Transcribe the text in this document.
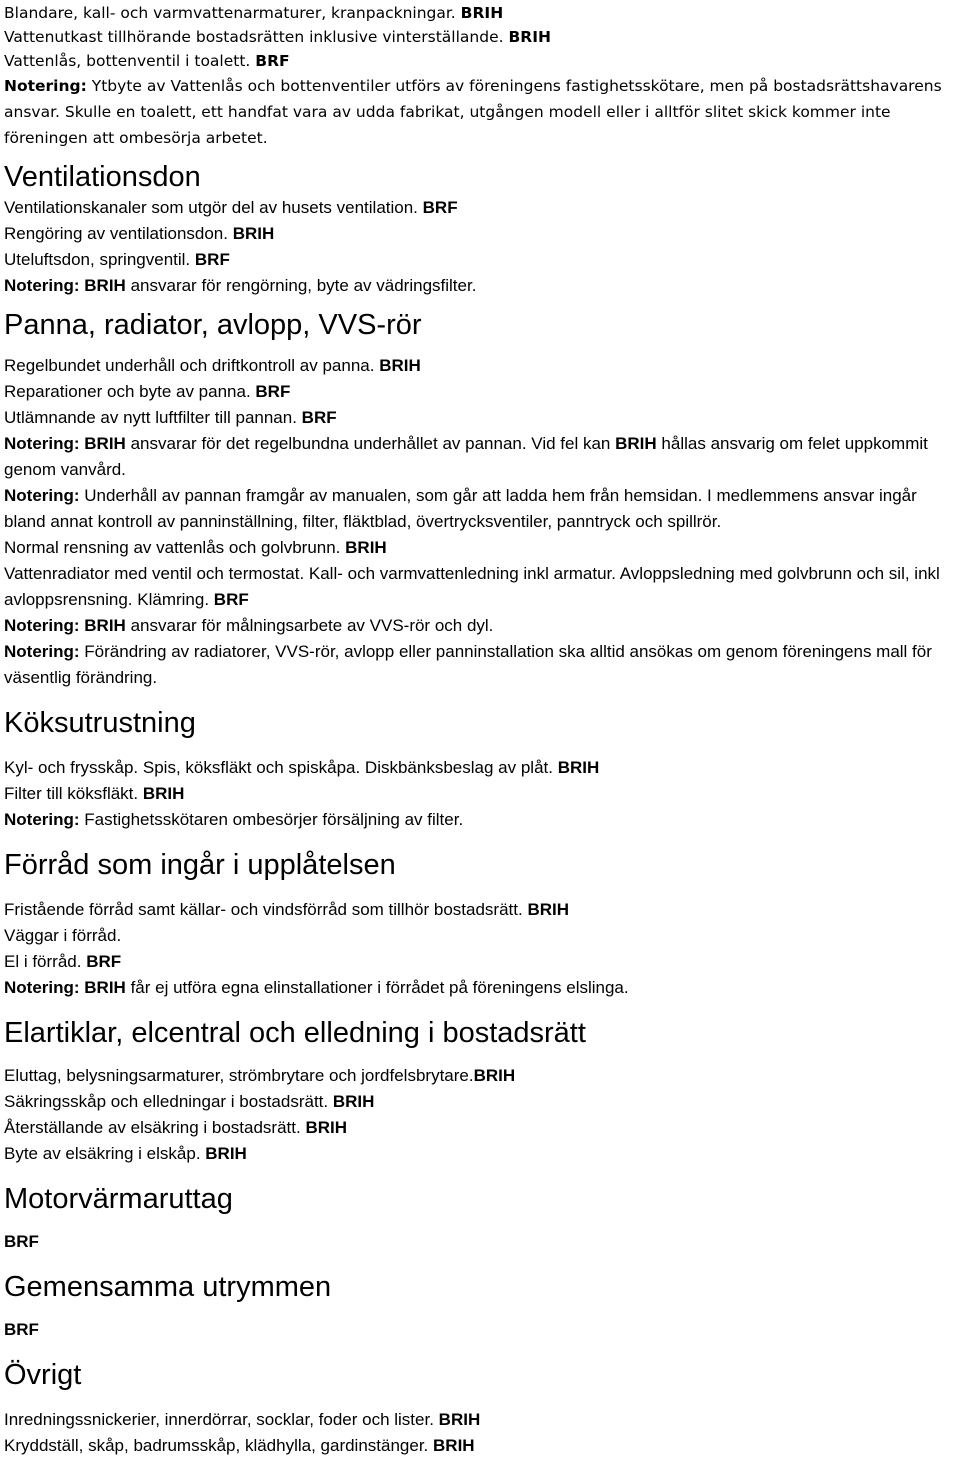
Blandare, kall- och varmvattenarmaturer, kranpackningar. BRIH
Vattenutkast tillhörande bostadsrätten inklusive vinterställande. BRIH
Vattenlås, bottenventil i toalett. BRF
Notering: Ytbyte av Vattenlås och bottenventiler utförs av föreningens fastighetsskötare, men på bostadsrättshavarens ansvar. Skulle en toalett, ett handfat vara av udda fabrikat, utgången modell eller i alltför slitet skick kommer inte föreningen att ombesörja arbetet.
Ventilationsdon
Ventilationskanaler som utgör del av husets ventilation. BRF
Rengöring av ventilationsdon. BRIH
Uteluftsdon, springventil. BRF
Notering: BRIH ansvarar för rengörning, byte av vädringsfilter.
Panna, radiator, avlopp, VVS-rör
Regelbundet underhåll och driftkontroll av panna. BRIH
Reparationer och byte av panna. BRF
Utlämnande av nytt luftfilter till pannan. BRF
Notering: BRIH ansvarar för det regelbundna underhållet av pannan. Vid fel kan BRIH hållas ansvarig om felet uppkommit genom vanvård.
Notering: Underhåll av pannan framgår av manualen, som går att ladda hem från hemsidan. I medlemmens ansvar ingår bland annat kontroll av panninställning, filter, fläktblad, övertrycksventiler, panntryck och spillrör.
Normal rensning av vattenlås och golvbrunn. BRIH
Vattenradiator med ventil och termostat. Kall- och varmvattenledning inkl armatur. Avloppsledning med golvbrunn och sil, inkl avloppsrensning. Klämring. BRF
Notering: BRIH ansvarar för målningsarbete av VVS-rör och dyl.
Notering: Förändring av radiatorer, VVS-rör, avlopp eller panninstallation ska alltid ansökas om genom föreningens mall för väsentlig förändring.
Köksutrustning
Kyl- och frysskåp. Spis, köksfläkt och spiskåpa. Diskbänksbeslag av plåt. BRIH
Filter till köksfläkt. BRIH
Notering: Fastighetsskötaren ombesörjer försäljning av filter.
Förråd som ingår i upplåtelsen
Fristående förråd samt källar- och vindsförråd som tillhör bostadsrätt. BRIH
Väggar i förråd.
El i förråd. BRF
Notering: BRIH får ej utföra egna elinstallationer i förrådet på föreningens elslinga.
Elartiklar, elcentral och elledning i bostadsrätt
Eluttag, belysningsarmaturer, strömbrytare och jordfelsbrytare.BRIH
Säkringsskåp och elledningar i bostadsrätt. BRIH
Återställande av elsäkring i bostadsrätt. BRIH
Byte av elsäkring i elskåp. BRIH
Motorvärmaruttag
BRF
Gemensamma utrymmen
BRF
Övrigt
Inredningssnickerier, innerdörrar, socklar, foder och lister. BRIH
Kryddställ, skåp, badrumsskåp, klädhylla, gardinstänger. BRIH
